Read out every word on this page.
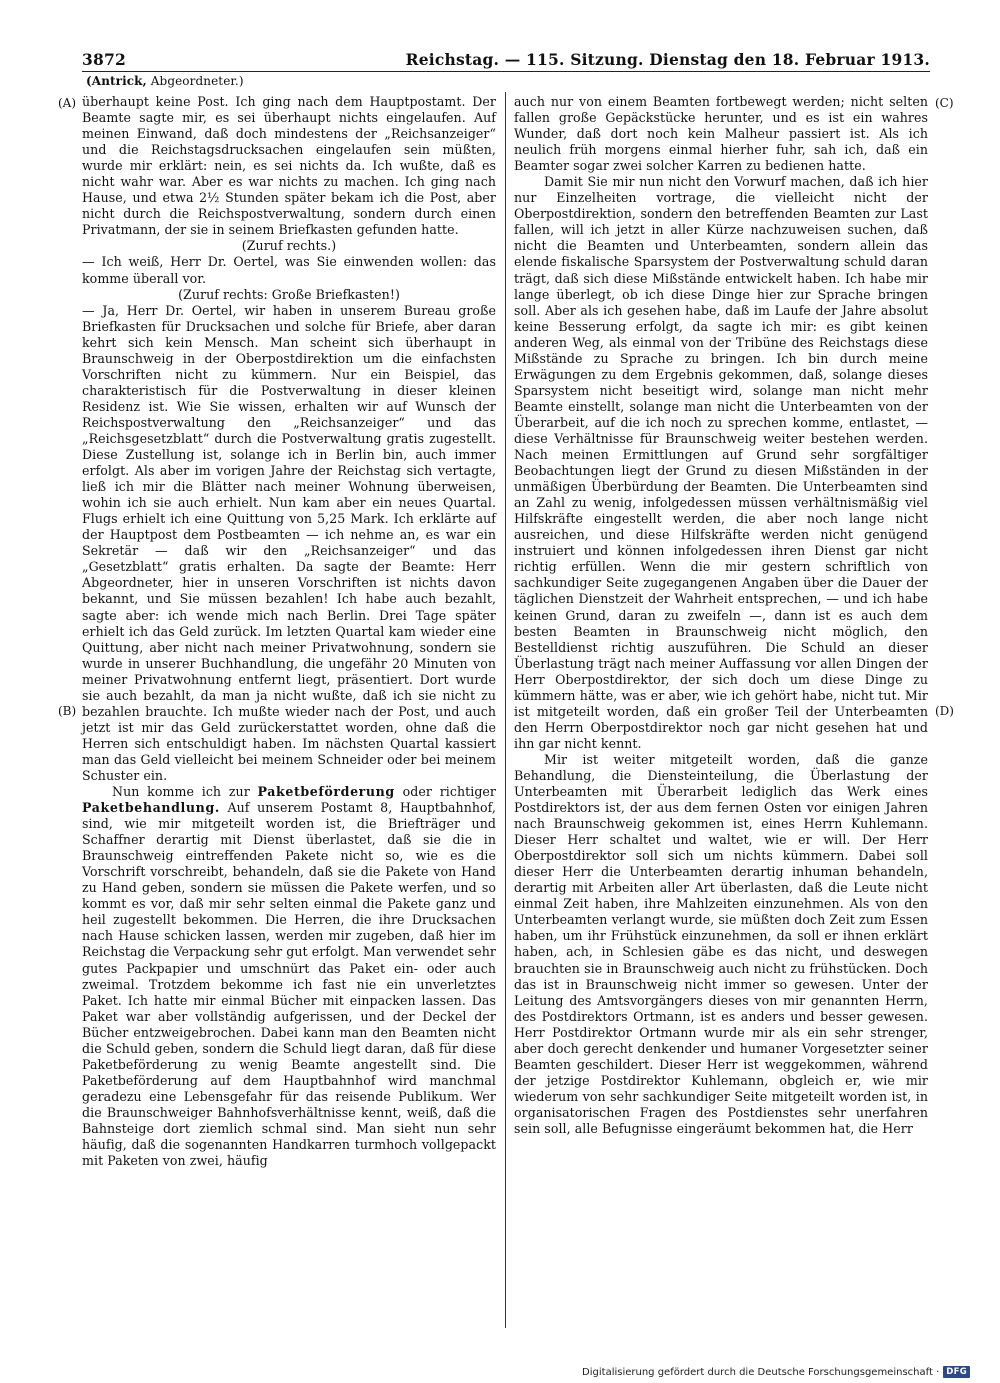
3872	Reichstag. — 115. Sitzung. Dienstag den 18. Februar 1913.
(Antrick, Abgeordneter.)
(A)
(B)
(C)
(D)

überhaupt keine Post. Ich ging nach dem Hauptpostamt. Der Beamte sagte mir, es sei überhaupt nichts eingelaufen. Auf meinen Einwand, daß doch mindestens der „Reichsanzeiger“ und die Reichstagsdrucksachen eingelaufen sein müßten, wurde mir erklärt: nein, es sei nichts da. Ich wußte, daß es nicht wahr war. Aber es war nichts zu machen. Ich ging nach Hause, und etwa 2½ Stunden später bekam ich die Post, aber nicht durch die Reichspostverwaltung, sondern durch einen Privatmann, der sie in seinem Briefkasten gefunden hatte.

(Zuruf rechts.)

— Ich weiß, Herr Dr. Oertel, was Sie einwenden wollen: das komme überall vor.

(Zuruf rechts: Große Briefkasten!)

— Ja, Herr Dr. Oertel, wir haben in unserem Bureau große Briefkasten für Drucksachen und solche für Briefe, aber daran kehrt sich kein Mensch. Man scheint sich überhaupt in Braunschweig in der Oberpostdirektion um die einfachsten Vorschriften nicht zu kümmern. Nur ein Beispiel, das charakteristisch für die Postverwaltung in dieser kleinen Residenz ist. Wie Sie wissen, erhalten wir auf Wunsch der Reichspostverwaltung den „Reichsanzeiger“ und das „Reichsgesetzblatt“ durch die Postverwaltung gratis zugestellt. Diese Zustellung ist, solange ich in Berlin bin, auch immer erfolgt. Als aber im vorigen Jahre der Reichstag sich vertagte, ließ ich mir die Blätter nach meiner Wohnung überweisen, wohin ich sie auch erhielt. Nun kam aber ein neues Quartal. Flugs erhielt ich eine Quittung von 5,25 Mark. Ich erklärte auf der Hauptpost dem Postbeamten — ich nehme an, es war ein Sekretär — daß wir den „Reichsanzeiger“ und das „Gesetzblatt“ gratis erhalten. Da sagte der Beamte: Herr Abgeordneter, hier in unseren Vorschriften ist nichts davon bekannt, und Sie müssen bezahlen! Ich habe auch bezahlt, sagte aber: ich wende mich nach Berlin. Drei Tage später erhielt ich das Geld zurück. Im letzten Quartal kam wieder eine Quittung, aber nicht nach meiner Privatwohnung, sondern sie wurde in unserer Buchhandlung, die ungefähr 20 Minuten von meiner Privatwohnung entfernt liegt, präsentiert. Dort wurde sie auch bezahlt, da man ja nicht wußte, daß ich sie nicht zu bezahlen brauchte. Ich mußte wieder nach der Post, und auch jetzt ist mir das Geld zurückerstattet worden, ohne daß die Herren sich entschuldigt haben. Im nächsten Quartal kassiert man das Geld vielleicht bei meinem Schneider oder bei meinem Schuster ein.

Nun komme ich zur Paketbeförderung oder richtiger Paketbehandlung. Auf unserem Postamt 8, Hauptbahnhof, sind, wie mir mitgeteilt worden ist, die Briefträger und Schaffner derartig mit Dienst überlastet, daß sie die in Braunschweig eintreffenden Pakete nicht so, wie es die Vorschrift vorschreibt, behandeln, daß sie die Pakete von Hand zu Hand geben, sondern sie müssen die Pakete werfen, und so kommt es vor, daß mir sehr selten einmal die Pakete ganz und heil zugestellt bekommen. Die Herren, die ihre Drucksachen nach Hause schicken lassen, werden mir zugeben, daß hier im Reichstag die Verpackung sehr gut erfolgt. Man verwendet sehr gutes Packpapier und umschnürt das Paket ein- oder auch zweimal. Trotzdem bekomme ich fast nie ein unverletztes Paket. Ich hatte mir einmal Bücher mit einpacken lassen. Das Paket war aber vollständig aufgerissen, und der Deckel der Bücher entzweigebrochen. Dabei kann man den Beamten nicht die Schuld geben, sondern die Schuld liegt daran, daß für diese Paketbeförderung zu wenig Beamte angestellt sind. Die Paketbeförderung auf dem Hauptbahnhof wird manchmal geradezu eine Lebensgefahr für das reisende Publikum. Wer die Braunschweiger Bahnhofsverhältnisse kennt, weiß, daß die Bahnsteige dort ziemlich schmal sind. Man sieht nun sehr häufig, daß die sogenannten Handkarren turmhoch vollgepackt mit Paketen von zwei, häufig

auch nur von einem Beamten fortbewegt werden; nicht selten fallen große Gepäckstücke herunter, und es ist ein wahres Wunder, daß dort noch kein Malheur passiert ist. Als ich neulich früh morgens einmal hierher fuhr, sah ich, daß ein Beamter sogar zwei solcher Karren zu bedienen hatte.

Damit Sie mir nun nicht den Vorwurf machen, daß ich hier nur Einzelheiten vortrage, die vielleicht nicht der Oberpostdirektion, sondern den betreffenden Beamten zur Last fallen, will ich jetzt in aller Kürze nachzuweisen suchen, daß nicht die Beamten und Unterbeamten, sondern allein das elende fiskalische Sparsystem der Postverwaltung schuld daran trägt, daß sich diese Mißstände entwickelt haben. Ich habe mir lange überlegt, ob ich diese Dinge hier zur Sprache bringen soll. Aber als ich gesehen habe, daß im Laufe der Jahre absolut keine Besserung erfolgt, da sagte ich mir: es gibt keinen anderen Weg, als einmal von der Tribüne des Reichstags diese Mißstände zu Sprache zu bringen. Ich bin durch meine Erwägungen zu dem Ergebnis gekommen, daß, solange dieses Sparsystem nicht beseitigt wird, solange man nicht mehr Beamte einstellt, solange man nicht die Unterbeamten von der Überarbeit, auf die ich noch zu sprechen komme, entlastet, — diese Verhältnisse für Braunschweig weiter bestehen werden. Nach meinen Ermittlungen auf Grund sehr sorgfältiger Beobachtungen liegt der Grund zu diesen Mißständen in der unmäßigen Überbürdung der Beamten. Die Unterbeamten sind an Zahl zu wenig, infolgedessen müssen verhältnismäßig viel Hilfskräfte eingestellt werden, die aber noch lange nicht ausreichen, und diese Hilfskräfte werden nicht genügend instruiert und können infolgedessen ihren Dienst gar nicht richtig erfüllen. Wenn die mir gestern schriftlich von sachkundiger Seite zugegangenen Angaben über die Dauer der täglichen Dienstzeit der Wahrheit entsprechen, — und ich habe keinen Grund, daran zu zweifeln —, dann ist es auch dem besten Beamten in Braunschweig nicht möglich, den Bestelldienst richtig auszuführen. Die Schuld an dieser Überlastung trägt nach meiner Auffassung vor allen Dingen der Herr Oberpostdirektor, der sich doch um diese Dinge zu kümmern hätte, was er aber, wie ich gehört habe, nicht tut. Mir ist mitgeteilt worden, daß ein großer Teil der Unterbeamten den Herrn Oberpostdirektor noch gar nicht gesehen hat und ihn gar nicht kennt.

Mir ist weiter mitgeteilt worden, daß die ganze Behandlung, die Diensteinteilung, die Überlastung der Unterbeamten mit Überarbeit lediglich das Werk eines Postdirektors ist, der aus dem fernen Osten vor einigen Jahren nach Braunschweig gekommen ist, eines Herrn Kuhlemann. Dieser Herr schaltet und waltet, wie er will. Der Herr Oberpostdirektor soll sich um nichts kümmern. Dabei soll dieser Herr die Unterbeamten derartig inhuman behandeln, derartig mit Arbeiten aller Art überlasten, daß die Leute nicht einmal Zeit haben, ihre Mahlzeiten einzunehmen. Als von den Unterbeamten verlangt wurde, sie müßten doch Zeit zum Essen haben, um ihr Frühstück einzunehmen, da soll er ihnen erklärt haben, ach, in Schlesien gäbe es das nicht, und deswegen brauchten sie in Braunschweig auch nicht zu frühstücken. Doch das ist in Braunschweig nicht immer so gewesen. Unter der Leitung des Amtsvorgängers dieses von mir genannten Herrn, des Postdirektors Ortmann, ist es anders und besser gewesen. Herr Postdirektor Ortmann wurde mir als ein sehr strenger, aber doch gerecht denkender und humaner Vorgesetzter seiner Beamten geschildert. Dieser Herr ist weggekommen, während der jetzige Postdirektor Kuhlemann, obgleich er, wie mir wiederum von sehr sachkundiger Seite mitgeteilt worden ist, in organisatorischen Fragen des Postdienstes sehr unerfahren sein soll, alle Befugnisse eingeräumt bekommen hat, die Herr

Digitalisierung gefördert durch die Deutsche Forschungsgemeinschaft · DFG
